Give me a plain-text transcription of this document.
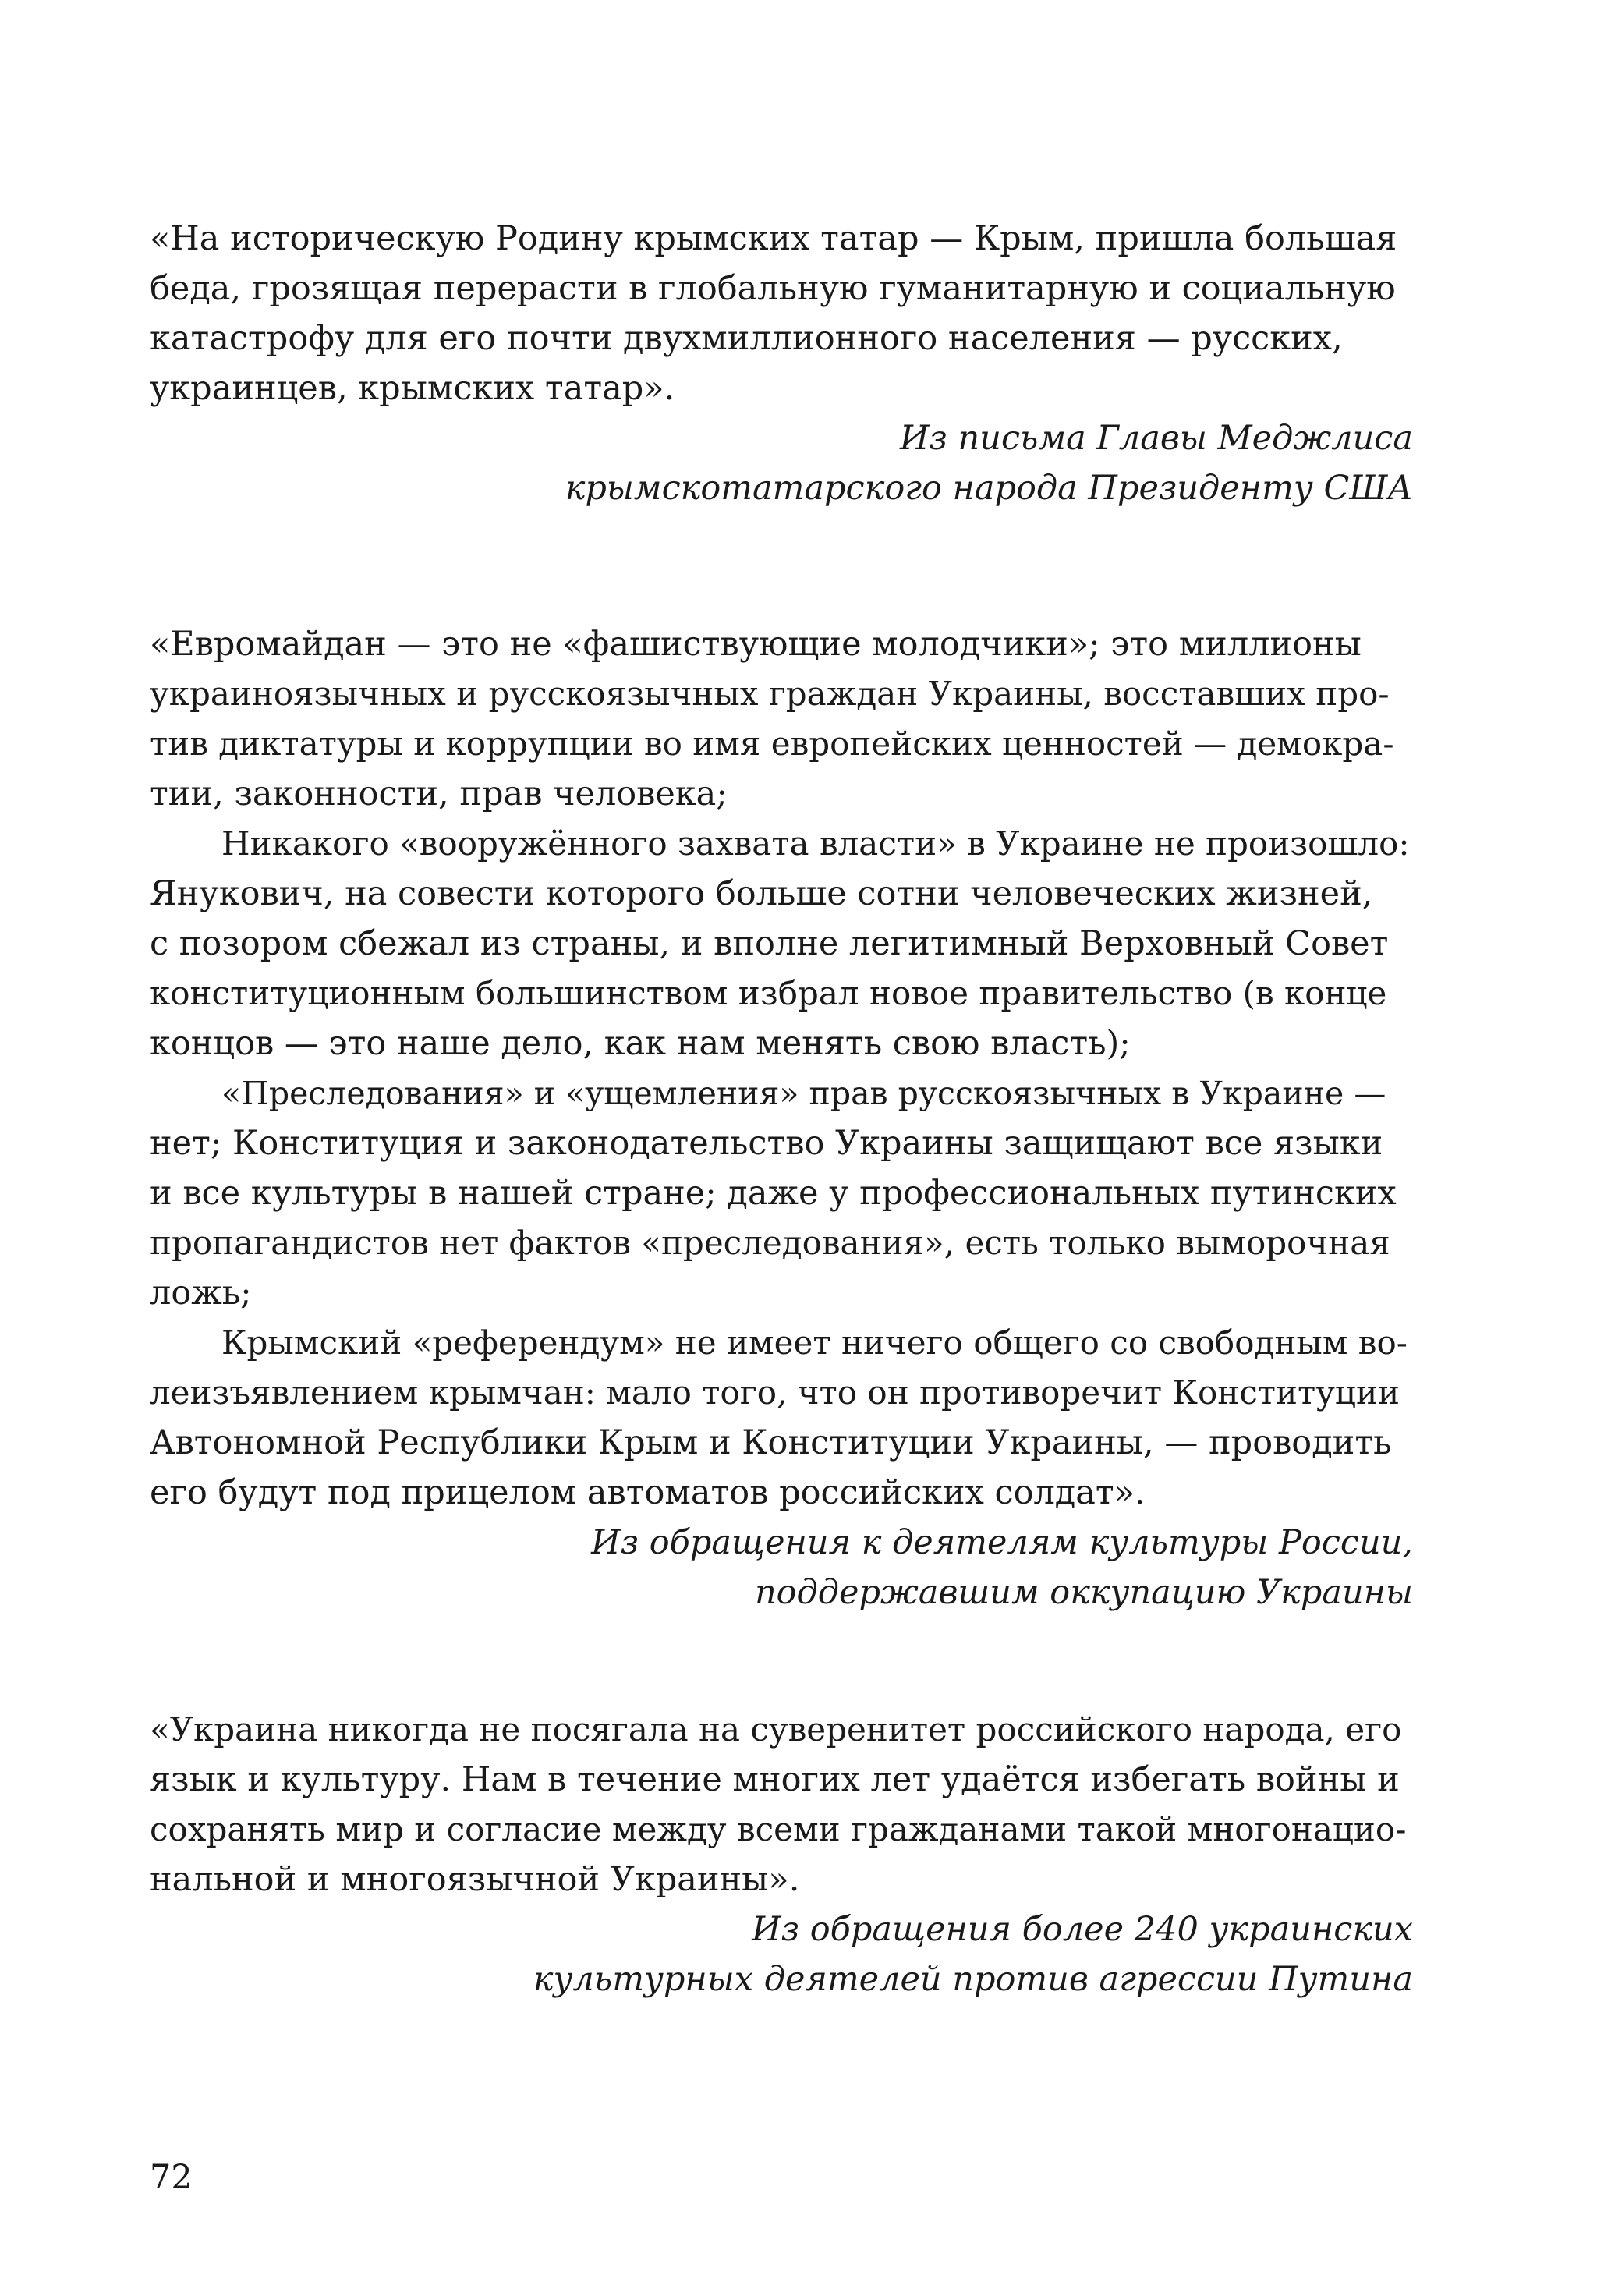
«На историческую Родину крымских татар — Крым, пришла большая

беда, грозящая перерасти в глобальную гуманитарную и социальную

катастрофу для его почти двухмиллионного населения — русских,

украинцев, крымских татар».

Из письма Главы Меджлиса

крымскотатарского народа Президенту США

«Евромайдан — это не «фашиствующие молодчики»; это миллионы

украиноязычных и русскоязычных граждан Украины, восставших про-

тив диктатуры и коррупции во имя европейских ценностей — демокра-

тии, законности, прав человека;

Никакого «вооружённого захвата власти» в Украине не произошло:

Янукович, на совести которого больше сотни человеческих жизней,

с позором сбежал из страны, и вполне легитимный Верховный Совет

конституционным большинством избрал новое правительство (в конце

концов — это наше дело, как нам менять свою власть);

«Преследования» и «ущемления» прав русскоязычных в Украине —

нет; Конституция и законодательство Украины защищают все языки

и все культуры в нашей стране; даже у профессиональных путинских

пропагандистов нет фактов «преследования», есть только выморочная

ложь;

Крымский «референдум» не имеет ничего общего со свободным во-

леизъявлением крымчан: мало того, что он противоречит Конституции

Автономной Республики Крым и Конституции Украины, — проводить

его будут под прицелом автоматов российских солдат».

Из обращения к деятелям культуры России,

поддержавшим оккупацию Украины

«Украина никогда не посягала на суверенитет российского народа, его

язык и культуру. Нам в течение многих лет удаётся избегать войны и

сохранять мир и согласие между всеми гражданами такой многонацио-

нальной и многоязычной Украины».

Из обращения более 240 украинских

культурных деятелей против агрессии Путина

72
